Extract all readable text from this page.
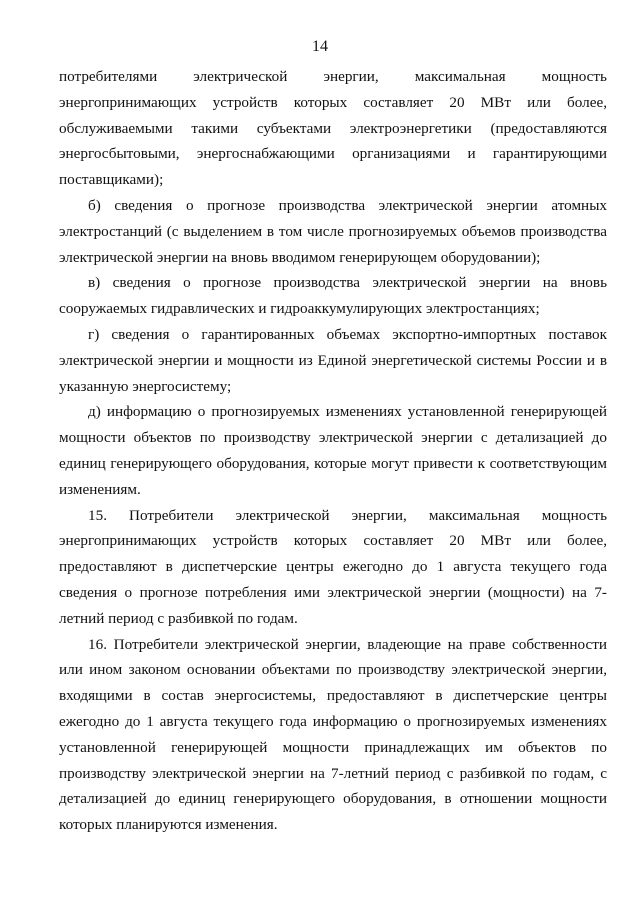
14

потребителями электрической энергии, максимальная мощность энергопринимающих устройств которых составляет 20 МВт или более, обслуживаемыми такими субъектами электроэнергетики (предоставляются энергосбытовыми, энергоснабжающими организациями и гарантирующими поставщиками);

б) сведения о прогнозе производства электрической энергии атомных электростанций (с выделением в том числе прогнозируемых объемов производства электрической энергии на вновь вводимом генерирующем оборудовании);

в) сведения о прогнозе производства электрической энергии на вновь сооружаемых гидравлических и гидроаккумулирующих электростанциях;

г) сведения о гарантированных объемах экспортно-импортных поставок электрической энергии и мощности из Единой энергетической системы России и в указанную энергосистему;

д) информацию о прогнозируемых изменениях установленной генерирующей мощности объектов по производству электрической энергии с детализацией до единиц генерирующего оборудования, которые могут привести к соответствующим изменениям.

15. Потребители электрической энергии, максимальная мощность энергопринимающих устройств которых составляет 20 МВт или более, предоставляют в диспетчерские центры ежегодно до 1 августа текущего года сведения о прогнозе потребления ими электрической энергии (мощности) на 7-летний период с разбивкой по годам.

16. Потребители электрической энергии, владеющие на праве собственности или ином законом основании объектами по производству электрической энергии, входящими в состав энергосистемы, предоставляют в диспетчерские центры ежегодно до 1 августа текущего года информацию о прогнозируемых изменениях установленной генерирующей мощности принадлежащих им объектов по производству электрической энергии на 7-летний период с разбивкой по годам, с детализацией до единиц генерирующего оборудования, в отношении мощности которых планируются изменения.
